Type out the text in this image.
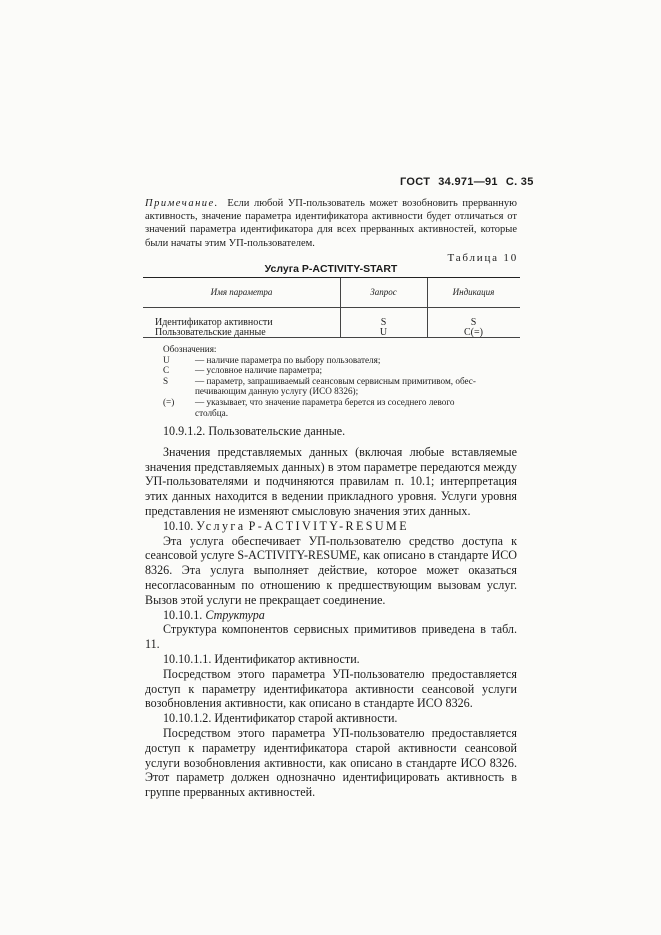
ГОСТ 34.971—91 С. 35
Примечание. Если любой УП-пользователь может возобновить прерванную активность, значение параметра идентификатора активности будет отличаться от значений параметра идентификатора для всех прерванных активностей, которые были начаты этим УП-пользователем.
Таблица 10
Услуга P-ACTIVITY-START
Имя параметра	Запрос	Индикация
Идентификатор активности	S	S
Пользовательские данные	U	C(=)
Обозначения:
U	— наличие параметра по выбору пользователя;
C	— условное наличие параметра;
S	— параметр, запрашиваемый сеансовым сервисным примитивом, обес-
печивающим данную услугу (ИСО 8326);
(=)	— указывает, что значение параметра берется из соседнего левого
столбца.

10.9.1.2. Пользовательские данные.

Значения представляемых данных (включая любые вставляемые значения представляемых данных) в этом параметре передаются между УП-пользователями и подчиняются правилам п. 10.1; интерпретация этих данных находится в ведении прикладного уровня. Услуги уровня представления не изменяют смысловую значения этих данных.

10.10. Услуга P-ACTIVITY-RESUME

Эта услуга обеспечивает УП-пользователю средство доступа к сеансовой услуге S-ACTIVITY-RESUME, как описано в стандарте ИСО 8326. Эта услуга выполняет действие, которое может оказаться несогласованным по отношению к предшествующим вызовам услуг. Вызов этой услуги не прекращает соединение.

10.10.1. Структура

Структура компонентов сервисных примитивов приведена в табл. 11.

10.10.1.1. Идентификатор активности.

Посредством этого параметра УП-пользователю предоставляется доступ к параметру идентификатора активности сеансовой услуги возобновления активности, как описано в стандарте ИСО 8326.

10.10.1.2. Идентификатор старой активности.

Посредством этого параметра УП-пользователю предоставляется доступ к параметру идентификатора старой активности сеансовой услуги возобновления активности, как описано в стандарте ИСО 8326. Этот параметр должен однозначно идентифицировать активность в группе прерванных активностей.
